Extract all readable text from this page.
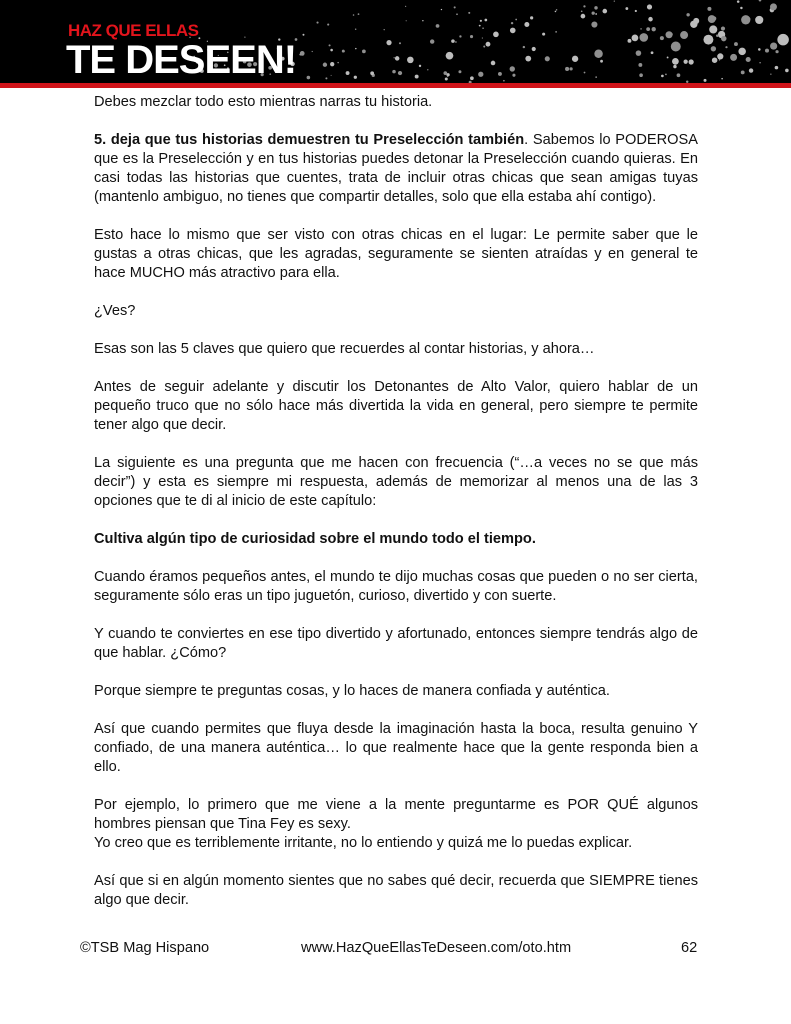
HAZ QUE ELLAS
TE DESEEN!

Debes mezclar todo esto mientras narras tu historia.

5. deja que tus historias demuestren tu Preselección también. Sabemos lo PODEROSA que es la Preselección y en tus historias puedes detonar la Preselección cuando quieras. En casi todas las historias que cuentes, trata de incluir otras chicas que sean amigas tuyas (mantenlo ambiguo, no tienes que compartir detalles, solo que ella estaba ahí contigo).

Esto hace lo mismo que ser visto con otras chicas en el lugar: Le permite saber que le gustas a otras chicas, que les agradas, seguramente se sienten atraídas y en general te hace MUCHO más atractivo para ella.

¿Ves?

Esas son las 5 claves que quiero que recuerdes al contar historias, y ahora…

Antes de seguir adelante y discutir los Detonantes de Alto Valor, quiero hablar de un pequeño truco que no sólo hace más divertida la vida en general, pero siempre te permite tener algo que decir.

La siguiente es una pregunta que me hacen con frecuencia (“…a veces no se que más decir”) y esta es siempre mi respuesta, además de memorizar al menos una de las 3 opciones que te di al inicio de este capítulo:

Cultiva algún tipo de curiosidad sobre el mundo todo el tiempo.

Cuando éramos pequeños antes, el mundo te dijo muchas cosas que pueden o no ser cierta, seguramente sólo eras un tipo juguetón, curioso, divertido y con suerte.

Y cuando te conviertes en ese tipo divertido y afortunado, entonces siempre tendrás algo de que hablar. ¿Cómo?

Porque siempre te preguntas cosas, y lo haces de manera confiada y auténtica.

Así que cuando permites que fluya desde la imaginación hasta la boca, resulta genuino Y confiado, de una manera auténtica… lo que realmente hace que la gente responda bien a ello.

Por ejemplo, lo primero que me viene a la mente preguntarme es POR QUÉ algunos hombres piensan que Tina Fey es sexy.

Yo creo que es terriblemente irritante, no lo entiendo y quizá me lo puedas explicar.

Así que si en algún momento sientes que no sabes qué decir, recuerda que SIEMPRE tienes algo que decir.

©TSB Mag Hispano	www.HazQueEllasTeDeseen.com/oto.htm	62
